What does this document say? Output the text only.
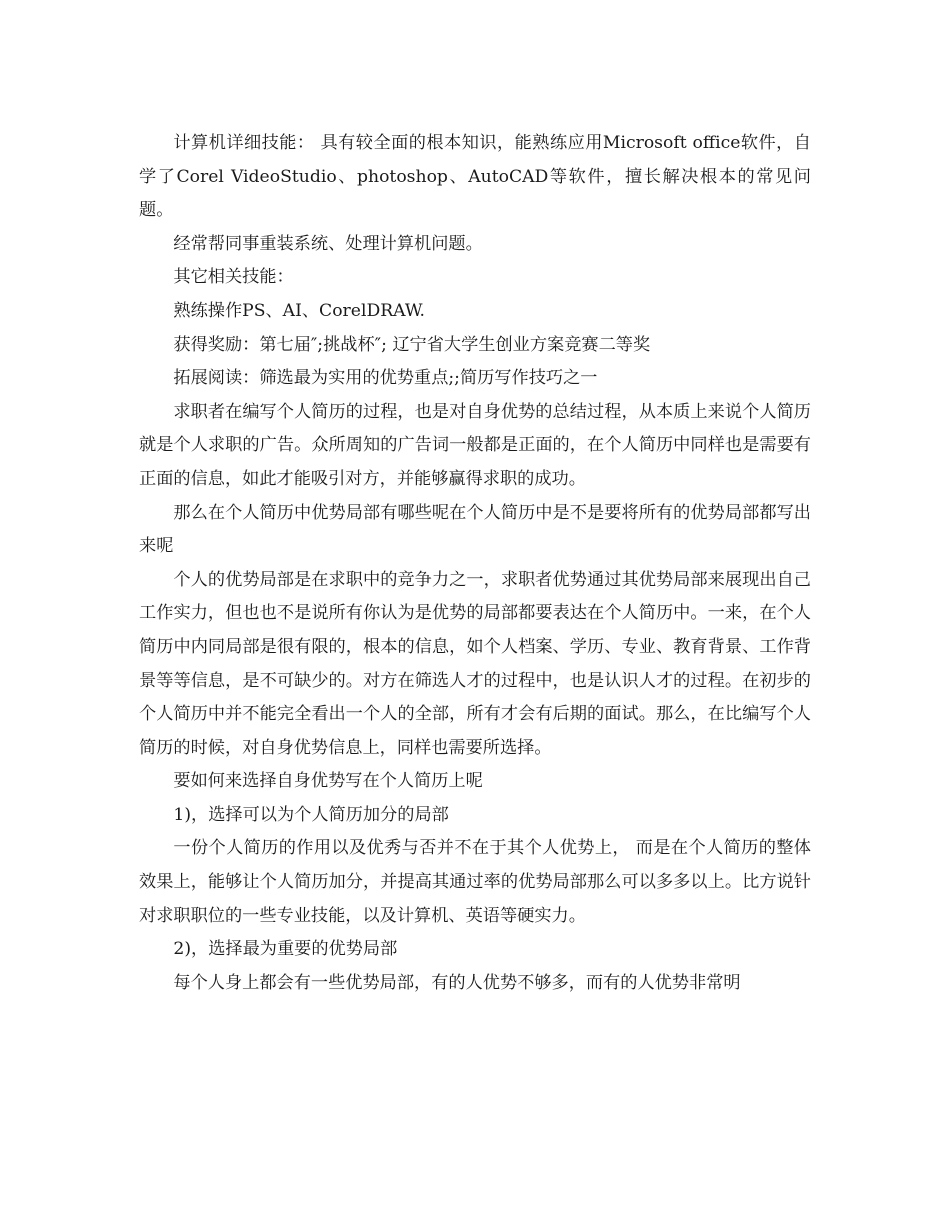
计算机详细技能： 具有较全面的根本知识，能熟练应用Microsoft office软件，自学了Corel VideoStudio、photoshop、AutoCAD等软件，擅长解决根本的常见问题。

经常帮同事重装系统、处理计算机问题。

其它相关技能：

熟练操作PS、AI、CorelDRAW.

获得奖励：第七届″;挑战杯″; 辽宁省大学生创业方案竞赛二等奖

拓展阅读：筛选最为实用的优势重点;;简历写作技巧之一

求职者在编写个人简历的过程，也是对自身优势的总结过程，从本质上来说个人简历就是个人求职的广告。众所周知的广告词一般都是正面的，在个人简历中同样也是需要有正面的信息，如此才能吸引对方，并能够赢得求职的成功。

那么在个人简历中优势局部有哪些呢在个人简历中是不是要将所有的优势局部都写出来呢

个人的优势局部是在求职中的竞争力之一，求职者优势通过其优势局部来展现出自己工作实力，但也也不是说所有你认为是优势的局部都要表达在个人简历中。一来，在个人简历中内同局部是很有限的，根本的信息，如个人档案、学历、专业、教育背景、工作背景等等信息，是不可缺少的。对方在筛选人才的过程中，也是认识人才的过程。在初步的个人简历中并不能完全看出一个人的全部，所有才会有后期的面试。那么，在比编写个人简历的时候，对自身优势信息上，同样也需要所选择。

要如何来选择自身优势写在个人简历上呢

1)，选择可以为个人简历加分的局部

一份个人简历的作用以及优秀与否并不在于其个人优势上， 而是在个人简历的整体效果上，能够让个人简历加分，并提高其通过率的优势局部那么可以多多以上。比方说针对求职职位的一些专业技能，以及计算机、英语等硬实力。

2)，选择最为重要的优势局部

每个人身上都会有一些优势局部，有的人优势不够多，而有的人优势非常明
